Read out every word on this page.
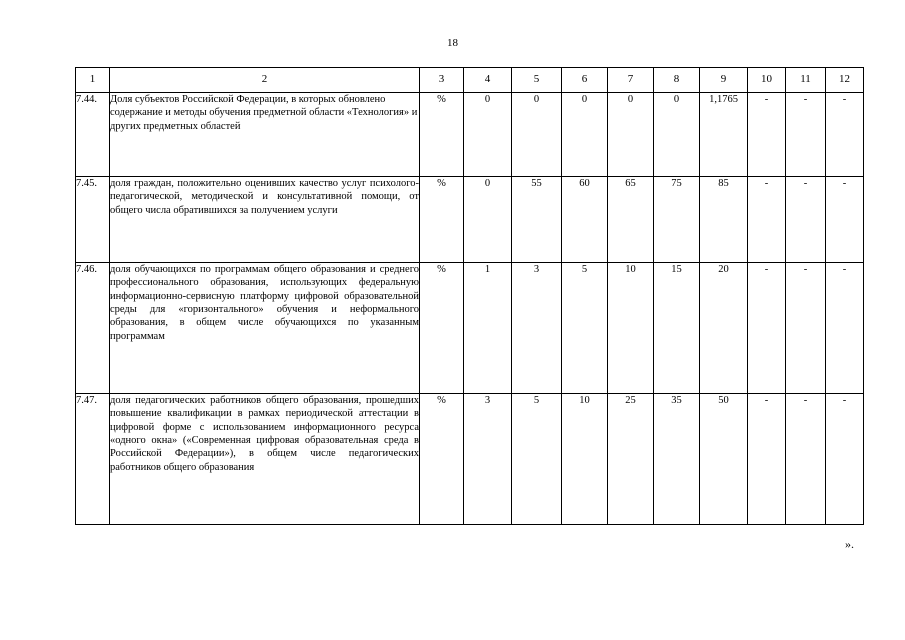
18
1	2	3	4	5	6	7	8	9	10	11	12
7.44.	Доля субъектов Российской Федерации, в которых обновлено содержание и методы обучения предметной области «Технология» и других предметных областей	%	0	0	0	0	0	1,1765	-	-	-
7.45.	доля граждан, положительно оценивших качество услуг психолого-педагогической, методической и консультативной помощи, от общего числа обратившихся за получением услуги	%	0	55	60	65	75	85	-	-	-
7.46.	доля обучающихся по программам общего образования и среднего профессионального образования, использующих федеральную информационно-сервисную платформу цифровой образовательной среды для «горизонтального» обучения и неформального образования, в общем числе обучающихся по указанным программам	%	1	3	5	10	15	20	-	-	-
7.47.	доля педагогических работников общего образования, прошедших повышение квалификации в рамках периодической аттестации в цифровой форме с использованием информационного ресурса «одного окна» («Современная цифровая образовательная среда в Российской Федерации»), в общем числе педагогических работников общего образования	%	3	5	10	25	35	50	-	-	-
».
